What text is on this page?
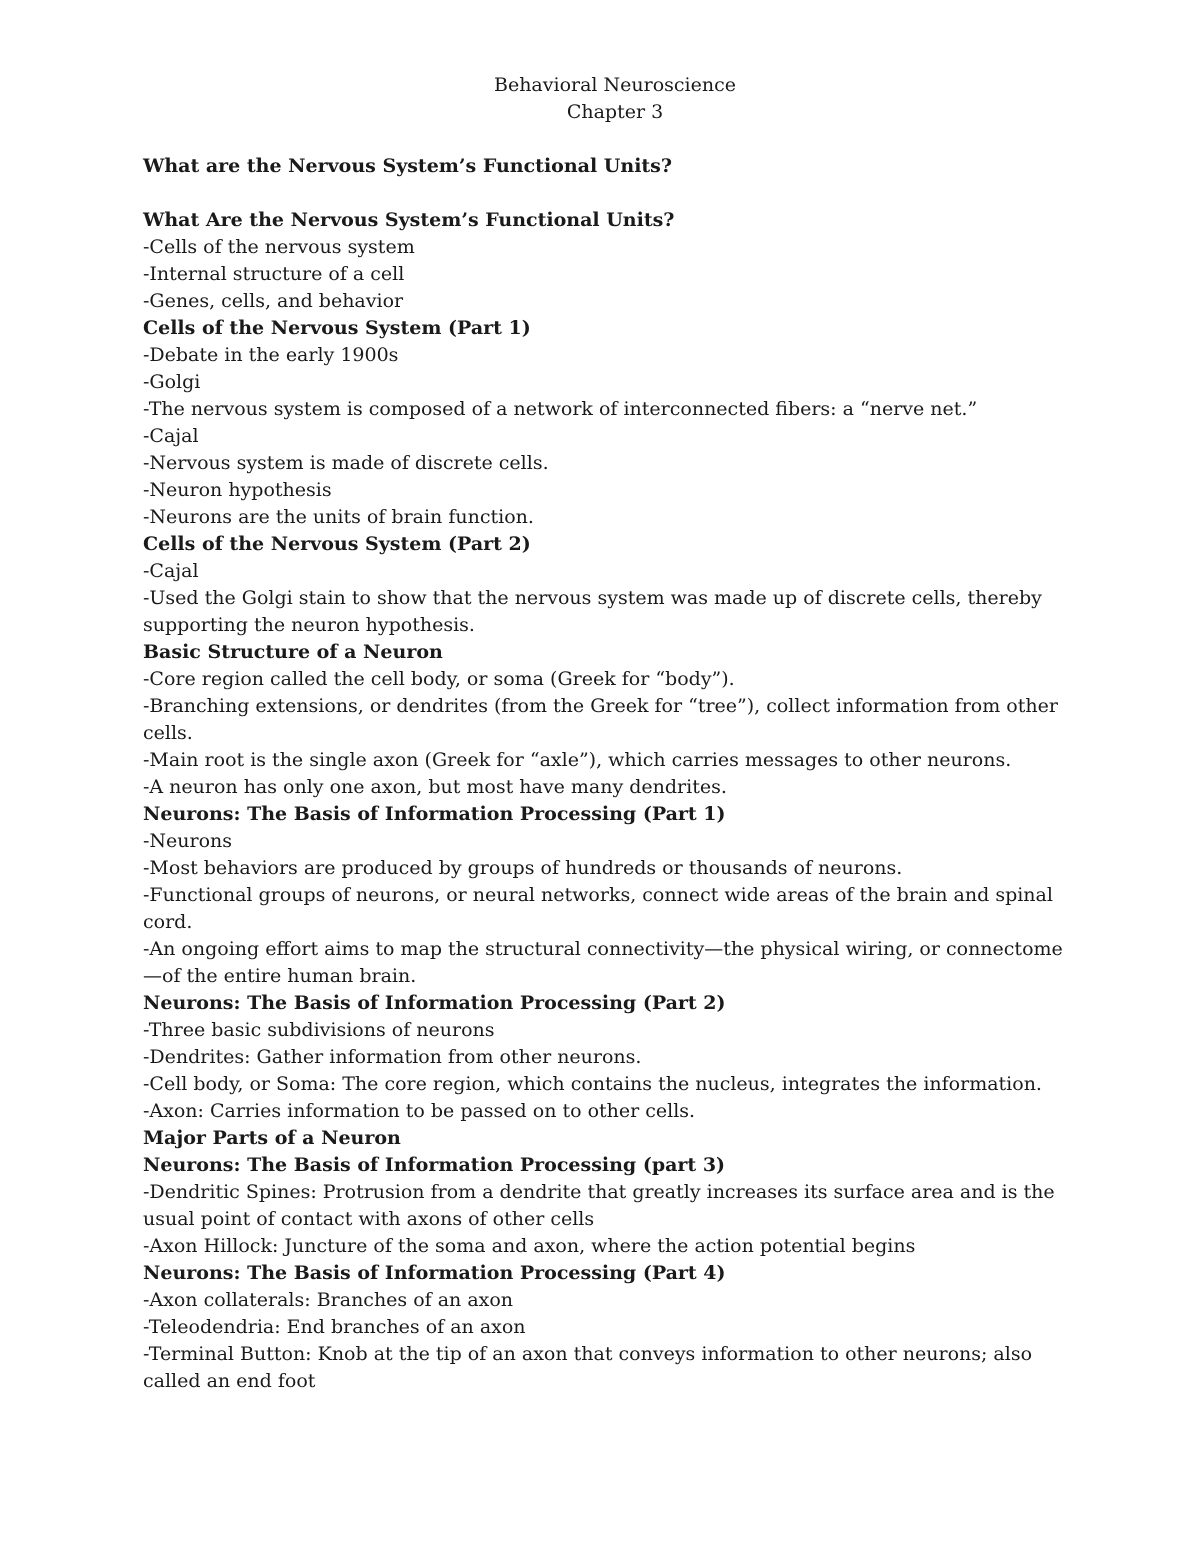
Behavioral Neuroscience
Chapter 3
What are the Nervous System’s Functional Units?
What Are the Nervous System’s Functional Units?
-Cells of the nervous system
-Internal structure of a cell
-Genes, cells, and behavior
Cells of the Nervous System (Part 1)
-Debate in the early 1900s
-Golgi
-The nervous system is composed of a network of interconnected fibers: a “nerve net.”
-Cajal
-Nervous system is made of discrete cells.
-Neuron hypothesis
-Neurons are the units of brain function.
Cells of the Nervous System (Part 2)
-Cajal
-Used the Golgi stain to show that the nervous system was made up of discrete cells, thereby supporting the neuron hypothesis.
Basic Structure of a Neuron
-Core region called the cell body, or soma (Greek for “body”).
-Branching extensions, or dendrites (from the Greek for “tree”), collect information from other cells.
-Main root is the single axon (Greek for “axle”), which carries messages to other neurons.
-A neuron has only one axon, but most have many dendrites.
Neurons: The Basis of Information Processing (Part 1)
-Neurons
-Most behaviors are produced by groups of hundreds or thousands of neurons.
-Functional groups of neurons, or neural networks, connect wide areas of the brain and spinal cord.
-An ongoing effort aims to map the structural connectivity—the physical wiring, or connectome—of the entire human brain.
Neurons: The Basis of Information Processing (Part 2)
-Three basic subdivisions of neurons
-Dendrites: Gather information from other neurons.
-Cell body, or Soma: The core region, which contains the nucleus, integrates the information.
-Axon: Carries information to be passed on to other cells.
Major Parts of a Neuron
Neurons: The Basis of Information Processing (part 3)
-Dendritic Spines: Protrusion from a dendrite that greatly increases its surface area and is the usual point of contact with axons of other cells
-Axon Hillock: Juncture of the soma and axon, where the action potential begins
Neurons: The Basis of Information Processing (Part 4)
-Axon collaterals: Branches of an axon
-Teleodendria: End branches of an axon
-Terminal Button: Knob at the tip of an axon that conveys information to other neurons; also called an end foot
